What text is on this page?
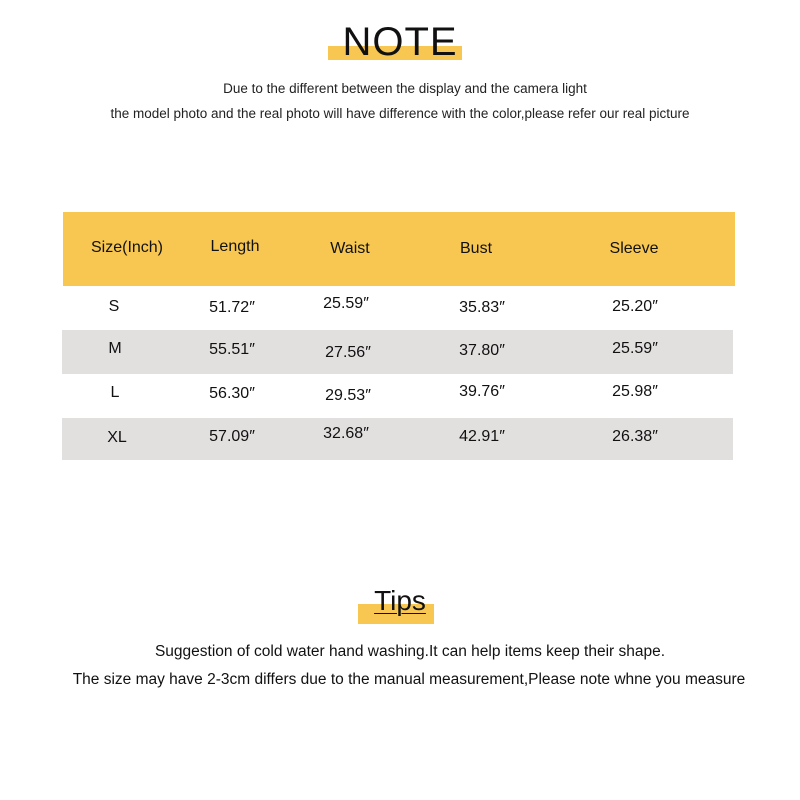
NOTE
Due to the different between the display and the camera light
the model photo and the real photo will have difference with the color,please refer our real picture
Size(Inch)	Length	Waist	Bust	Sleeve
S	51.72″	25.59″	35.83″	25.20″
M	55.51″	27.56″	37.80″	25.59″
L	56.30″	29.53″	39.76″	25.98″
XL	57.09″	32.68″	42.91″	26.38″
Tips
Suggestion of cold water hand washing.It can help items keep their shape.
The size may have 2-3cm differs due to the manual measurement,Please note whne you measure
